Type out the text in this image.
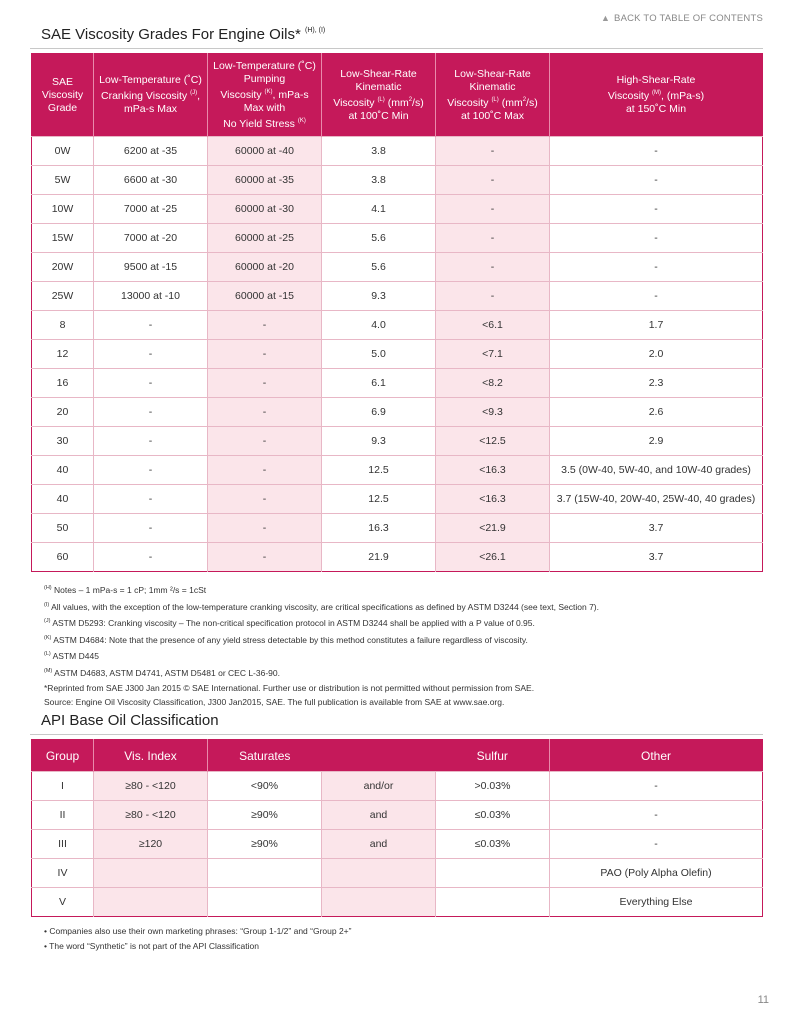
▲ BACK TO TABLE OF CONTENTS
SAE Viscosity Grades For Engine Oils* $^{(H), (I)}$
SAE
Viscosity
Grade	Low-Temperature (˚C)
Cranking Viscosity $^{(J)}$,
mPa-s Max	Low-Temperature (˚C)
Pumping
Viscosity $^{(K)}$, mPa-s
Max with
No Yield Stress $^{(K)}$	Low-Shear-Rate
Kinematic
Viscosity $^{(L)}$ $(mm^2/s)$
at 100˚C Min	Low-Shear-Rate
Kinematic
Viscosity $^{(L)}$ $(mm^2/s)$
at 100˚C Max	High-Shear-Rate
Viscosity $^{(M)}$, (mPa-s)
at 150˚C Min
0W	6200 at -35	60000 at -40	3.8	-	-
5W	6600 at -30	60000 at -35	3.8	-	-
10W	7000 at -25	60000 at -30	4.1	-	-
15W	7000 at -20	60000 at -25	5.6	-	-
20W	9500 at -15	60000 at -20	5.6	-	-
25W	13000 at -10	60000 at -15	9.3	-	-
8	-	-	4.0	<6.1	1.7
12	-	-	5.0	<7.1	2.0
16	-	-	6.1	<8.2	2.3
20	-	-	6.9	<9.3	2.6
30	-	-	9.3	<12.5	2.9
40	-	-	12.5	<16.3	3.5 (0W-40, 5W-40, and 10W-40 grades)
40	-	-	12.5	<16.3	3.7 (15W-40, 20W-40, 25W-40, 40 grades)
50	-	-	16.3	<21.9	3.7
60	-	-	21.9	<26.1	3.7
$^{(H)}$ Notes – 1 mPa-s = 1 cP; 1mm ²/s = 1cSt
$^{(I)}$ All values, with the exception of the low-temperature cranking viscosity, are critical specifications as defined by ASTM D3244 (see text, Section 7).
$^{(J)}$ ASTM D5293: Cranking viscosity – The non-critical specification protocol in ASTM D3244 shall be applied with a P value of 0.95.
$^{(K)}$ ASTM D4684: Note that the presence of any yield stress detectable by this method constitutes a failure regardless of viscosity.
$^{(L)}$ ASTM D445
$^{(M)}$ ASTM D4683, ASTM D4741, ASTM D5481 or CEC L-36-90.
*Reprinted from SAE J300 Jan 2015 © SAE International. Further use or distribution is not permitted without permission from SAE.
Source: Engine Oil Viscosity Classification, J300 Jan2015, SAE. The full publication is available from SAE at www.sae.org.
API Base Oil Classification
Group	Vis. Index	Saturates		Sulfur	Other
I	≥80 - <120	<90%	and/or	>0.03%	-
II	≥80 - <120	≥90%	and	≤0.03%	-
III	≥120	≥90%	and	≤0.03%	-
IV					PAO (Poly Alpha Olefin)
V					Everything Else
• Companies also use their own marketing phrases: “Group 1-1/2” and “Group 2+”
• The word “Synthetic” is not part of the API Classification
11
